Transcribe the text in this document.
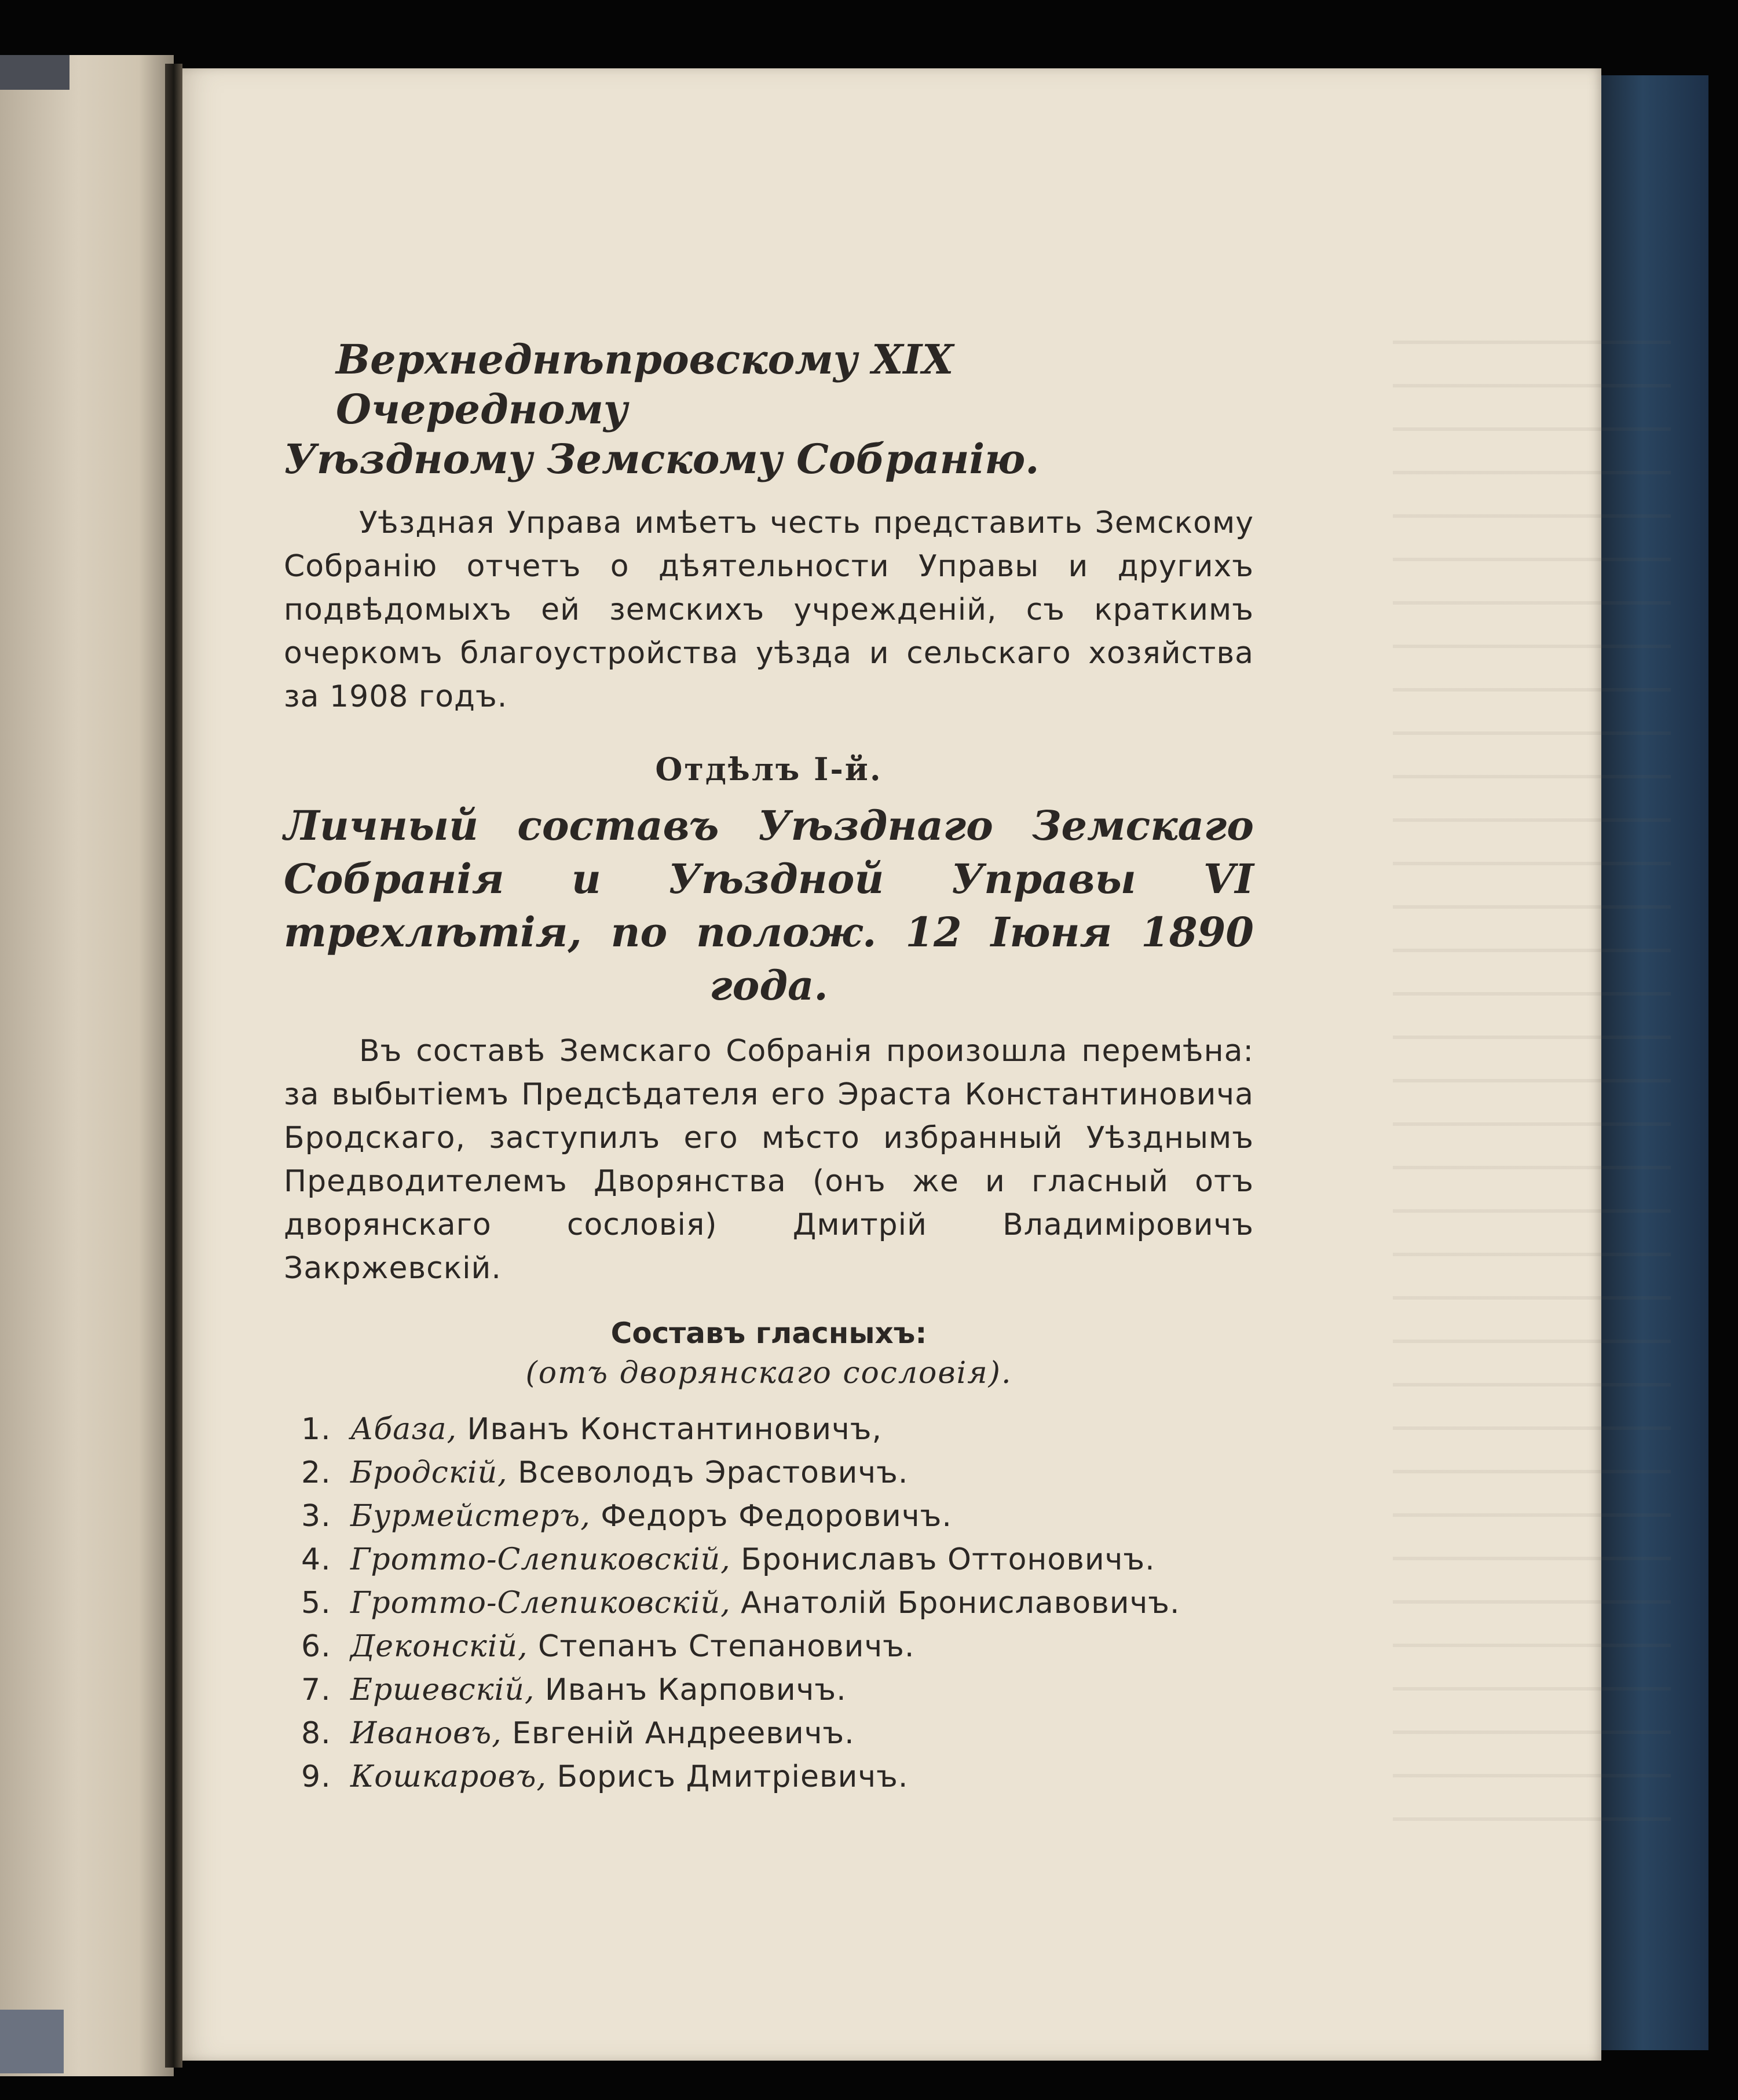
Верхнеднѣпровскому XIX Очередному
Уѣздному Земскому Собранію.

Уѣздная Управа имѣетъ честь представить Земскому Собранію отчетъ о дѣятельности Управы и другихъ подвѣдомыхъ ей земскихъ учрежденій, съ краткимъ очеркомъ благоустройства уѣзда и сельскаго хозяйства за 1908 годъ.

Отдѣлъ I-й.
Личный составъ Уѣзднаго Земскаго Собранія и Уѣздной Управы VI трехлѣтія, по полож. 12 Іюня 1890 года.

Въ составѣ Земскаго Собранія произошла перемѣна: за выбытіемъ Предсѣдателя его Эраста Константиновича Бродскаго, заступилъ его мѣсто избранный Уѣзднымъ Предводителемъ Дворянства (онъ же и гласный отъ дворянскаго сословія) Дмитрій Владиміровичъ Закржевскій.

Составъ гласныхъ:

(отъ дворянскаго сословія).

1. Абаза, Иванъ Константиновичъ,
2. Бродскій, Всеволодъ Эрастовичъ.
3. Бурмейстеръ, Федоръ Федоровичъ.
4. Гротто-Слепиковскій, Брониславъ Оттоновичъ.
5. Гротто-Слепиковскій, Анатолій Брониславовичъ.
6. Деконскій, Степанъ Степановичъ.
7. Ершевскій, Иванъ Карповичъ.
8. Ивановъ, Евгеній Андреевичъ.
9. Кошкаровъ, Борисъ Дмитріевичъ.
